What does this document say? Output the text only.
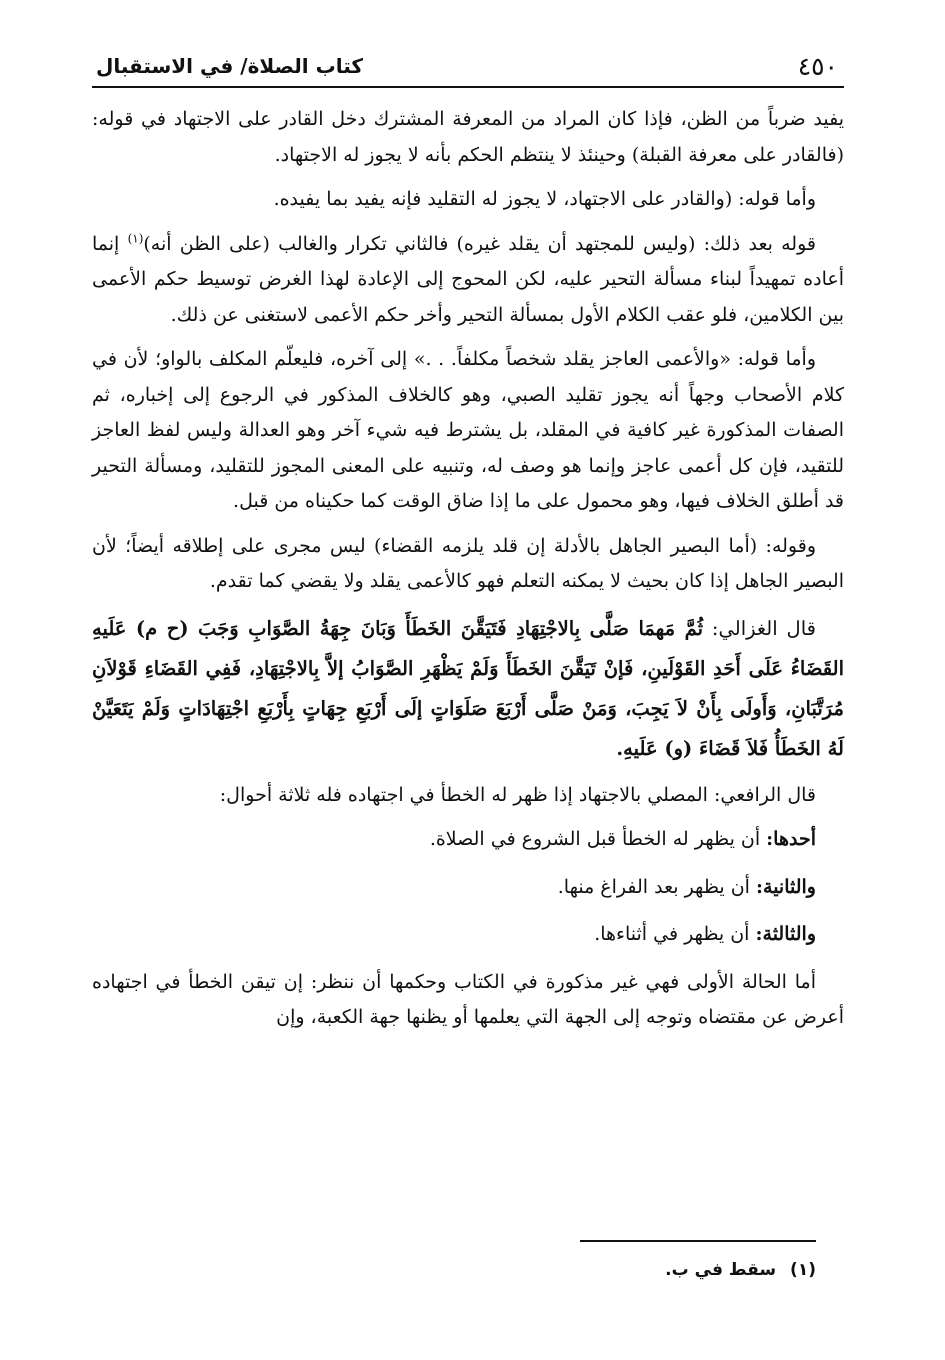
٤٥٠
كتاب الصلاة/ في الاستقبال

يفيد ضرباً من الظن، فإذا كان المراد من المعرفة المشترك دخل القادر على الاجتهاد في قوله: (فالقادر على معرفة القبلة) وحينئذ لا ينتظم الحكم بأنه لا يجوز له الاجتهاد.

وأما قوله: (والقادر على الاجتهاد، لا يجوز له التقليد فإنه يفيد بما يفيده.

قوله بعد ذلك: (وليس للمجتهد أن يقلد غيره) فالثاني تكرار والغالب (على الظن أنه)$^{(١)}$ إنما أعاده تمهيداً لبناء مسألة التحير عليه، لكن المحوج إلى الإعادة لهذا الغرض توسيط حكم الأعمى بين الكلامين، فلو عقب الكلام الأول بمسألة التحير وأخر حكم الأعمى لاستغنى عن ذلك.

وأما قوله: «والأعمى العاجز يقلد شخصاً مكلفاً. . .» إلى آخره، فليعلّم المكلف بالواو؛ لأن في كلام الأصحاب وجهاً أنه يجوز تقليد الصبي، وهو كالخلاف المذكور في الرجوع إلى إخباره، ثم الصفات المذكورة غير كافية في المقلد، بل يشترط فيه شيء آخر وهو العدالة وليس لفظ العاجز للتقيد، فإن كل أعمى عاجز وإنما هو وصف له، وتنبيه على المعنى المجوز للتقليد، ومسألة التحير قد أطلق الخلاف فيها، وهو محمول على ما إذا ضاق الوقت كما حكيناه من قبل.

وقوله: (أما البصير الجاهل بالأدلة إن قلد يلزمه القضاء) ليس مجرى على إطلاقه أيضاً؛ لأن البصير الجاهل إذا كان بحيث لا يمكنه التعلم فهو كالأعمى يقلد ولا يقضي كما تقدم.

قال الغزالي: ثُمَّ مَهمَا صَلَّى بِالاجْتِهَادِ فَتَيَقَّنَ الخَطَأَ وَبَانَ جِهَةُ الصَّوَابِ وَجَبَ (ح م) عَلَيهِ القَضَاءُ عَلَى أَحَدِ القَوْلَينِ، فَإنْ تَيَقَّنَ الخَطَأَ وَلَمْ يَظْهَرِ الصَّوَابُ إلاَّ بِالاجْتِهَادِ، فَفِي القَضَاءِ قَوْلاَنِ مُرَتَّبَانِ، وَأَولَى بِأَنْ لاَ يَجِبَ، وَمَنْ صَلَّى أَرْبَعَ صَلَوَاتٍ إلَى أَرْبَعِ جِهَاتٍ بِأَرْبَعِ اجْتِهَادَاتٍ وَلَمْ يَتَعَيَّنْ لَهُ الخَطَأُ فَلاَ قَضَاءَ (و) عَلَيهِ.

قال الرافعي: المصلي بالاجتهاد إذا ظهر له الخطأ في اجتهاده فله ثلاثة أحوال:

أحدها: أن يظهر له الخطأ قبل الشروع في الصلاة.

والثانية: أن يظهر بعد الفراغ منها.

والثالثة: أن يظهر في أثناءها.

أما الحالة الأولى فهي غير مذكورة في الكتاب وحكمها أن ننظر: إن تيقن الخطأ في اجتهاده أعرض عن مقتضاه وتوجه إلى الجهة التي يعلمها أو يظنها جهة الكعبة، وإن

(١)سقط في ب.
